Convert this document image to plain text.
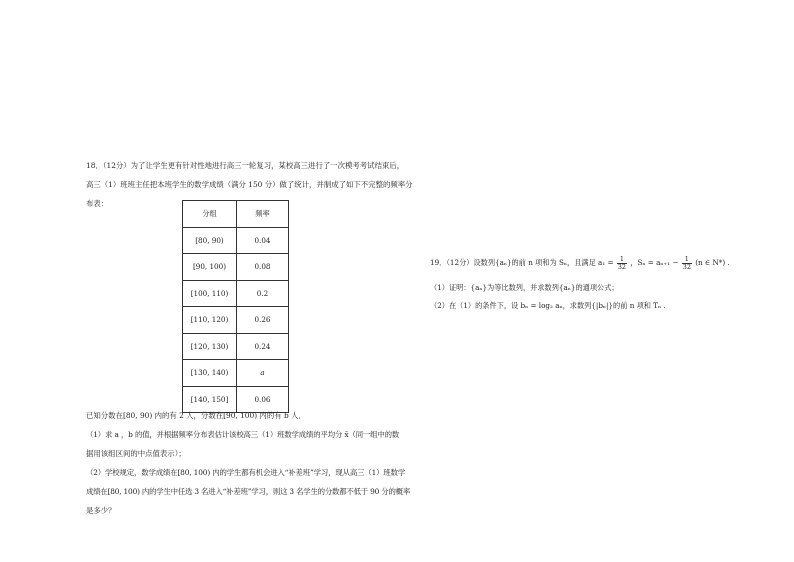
18．（12分）为了让学生更有针对性地进行高三一轮复习，某校高三进行了一次模考考试结束后，

高三（1）班班主任把本班学生的数学成绩（满分 150 分）做了统计，并制成了如下不完整的频率分

布表：

分组	频率
[80, 90)	0.04
[90, 100)	0.08
[100, 110)	0.2
[110, 120)	0.26
[120, 130)	0.24
[130, 140)	a
[140, 150]	0.06

已知分数在[80, 90) 内的有 2 人，分数在[90, 100) 内的有 b 人．

（1）求 a ，b 的值，并根据频率分布表估计该校高三（1）班数学成绩的平均分 x̄（同一组中的数

据用该组区间的中点值表示）；

（2）学校规定，数学成绩在[80, 100) 内的学生都有机会进入“补差班”学习，现从高三（1）班数学

成绩在[80, 100) 内的学生中任选 3 名进入“补差班”学习，则这 3 名学生的分数都不低于 90 分的概率

是多少？

19．（12分）设数列{aₙ}的前 n 项和为 Sₙ，且满足 $a_1 = \frac{1}{32}$ ，$S_n = a_{n+1} - \frac{1}{32} (n$ ∈ N*) .

（1）证明：{aₙ}为等比数列，并求数列{aₙ}的通项公式；

（2）在（1）的条件下，设 bₙ = log₂ aₙ，求数列{|bₙ|}的前 n 项和 Tₙ .
